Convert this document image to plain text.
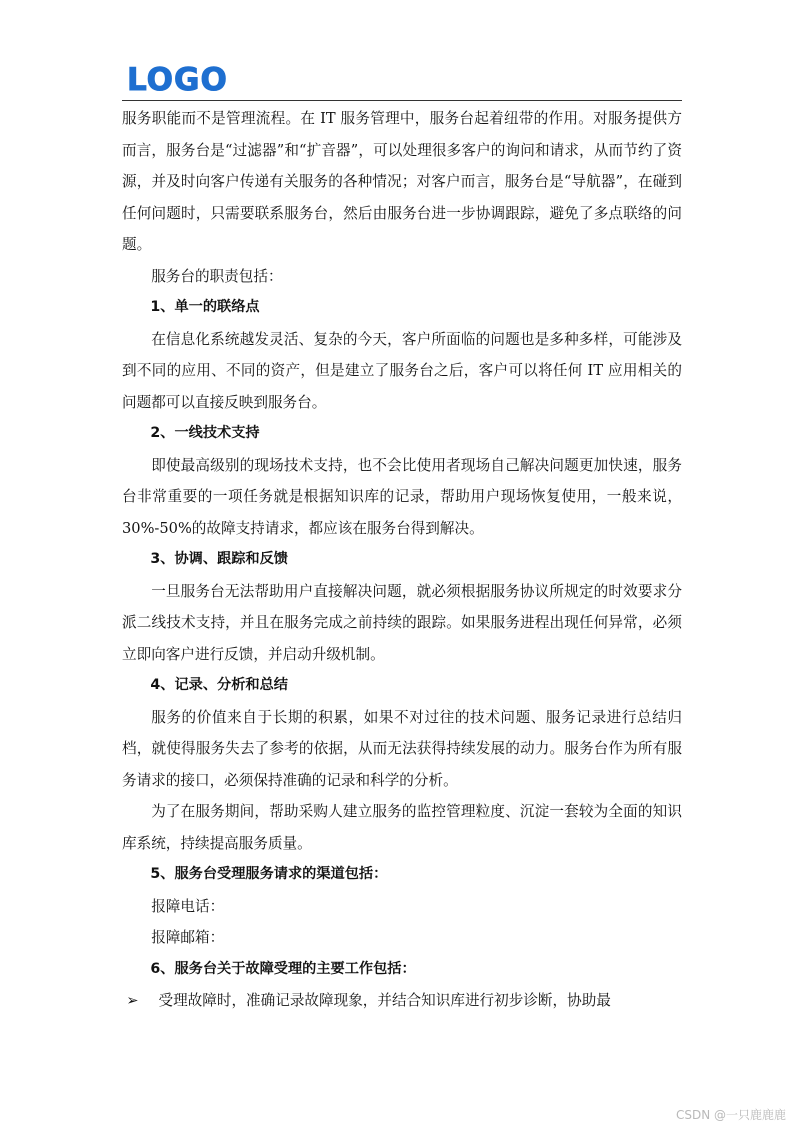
LOGO

服务职能而不是管理流程。在 IT 服务管理中，服务台起着纽带的作用。对服务提供方而言，服务台是“过滤器”和“扩音器”，可以处理很多客户的询问和请求，从而节约了资源，并及时向客户传递有关服务的各种情况；对客户而言，服务台是“导航器”，在碰到任何问题时，只需要联系服务台，然后由服务台进一步协调跟踪，避免了多点联络的问题。

服务台的职责包括：

1、单一的联络点

在信息化系统越发灵活、复杂的今天，客户所面临的问题也是多种多样，可能涉及到不同的应用、不同的资产，但是建立了服务台之后，客户可以将任何 IT 应用相关的问题都可以直接反映到服务台。

2、一线技术支持

即使最高级别的现场技术支持，也不会比使用者现场自己解决问题更加快速，服务台非常重要的一项任务就是根据知识库的记录，帮助用户现场恢复使用，一般来说，30%-50%的故障支持请求，都应该在服务台得到解决。

3、协调、跟踪和反馈

一旦服务台无法帮助用户直接解决问题，就必须根据服务协议所规定的时效要求分派二线技术支持，并且在服务完成之前持续的跟踪。如果服务进程出现任何异常，必须立即向客户进行反馈，并启动升级机制。

4、记录、分析和总结

服务的价值来自于长期的积累，如果不对过往的技术问题、服务记录进行总结归档，就使得服务失去了参考的依据，从而无法获得持续发展的动力。服务台作为所有服务请求的接口，必须保持准确的记录和科学的分析。

为了在服务期间，帮助采购人建立服务的监控管理粒度、沉淀一套较为全面的知识库系统，持续提高服务质量。

5、服务台受理服务请求的渠道包括：

报障电话：

报障邮箱：

6、服务台关于故障受理的主要工作包括：

➢	受理故障时，准确记录故障现象，并结合知识库进行初步诊断，协助最
CSDN @一只鹿鹿鹿
